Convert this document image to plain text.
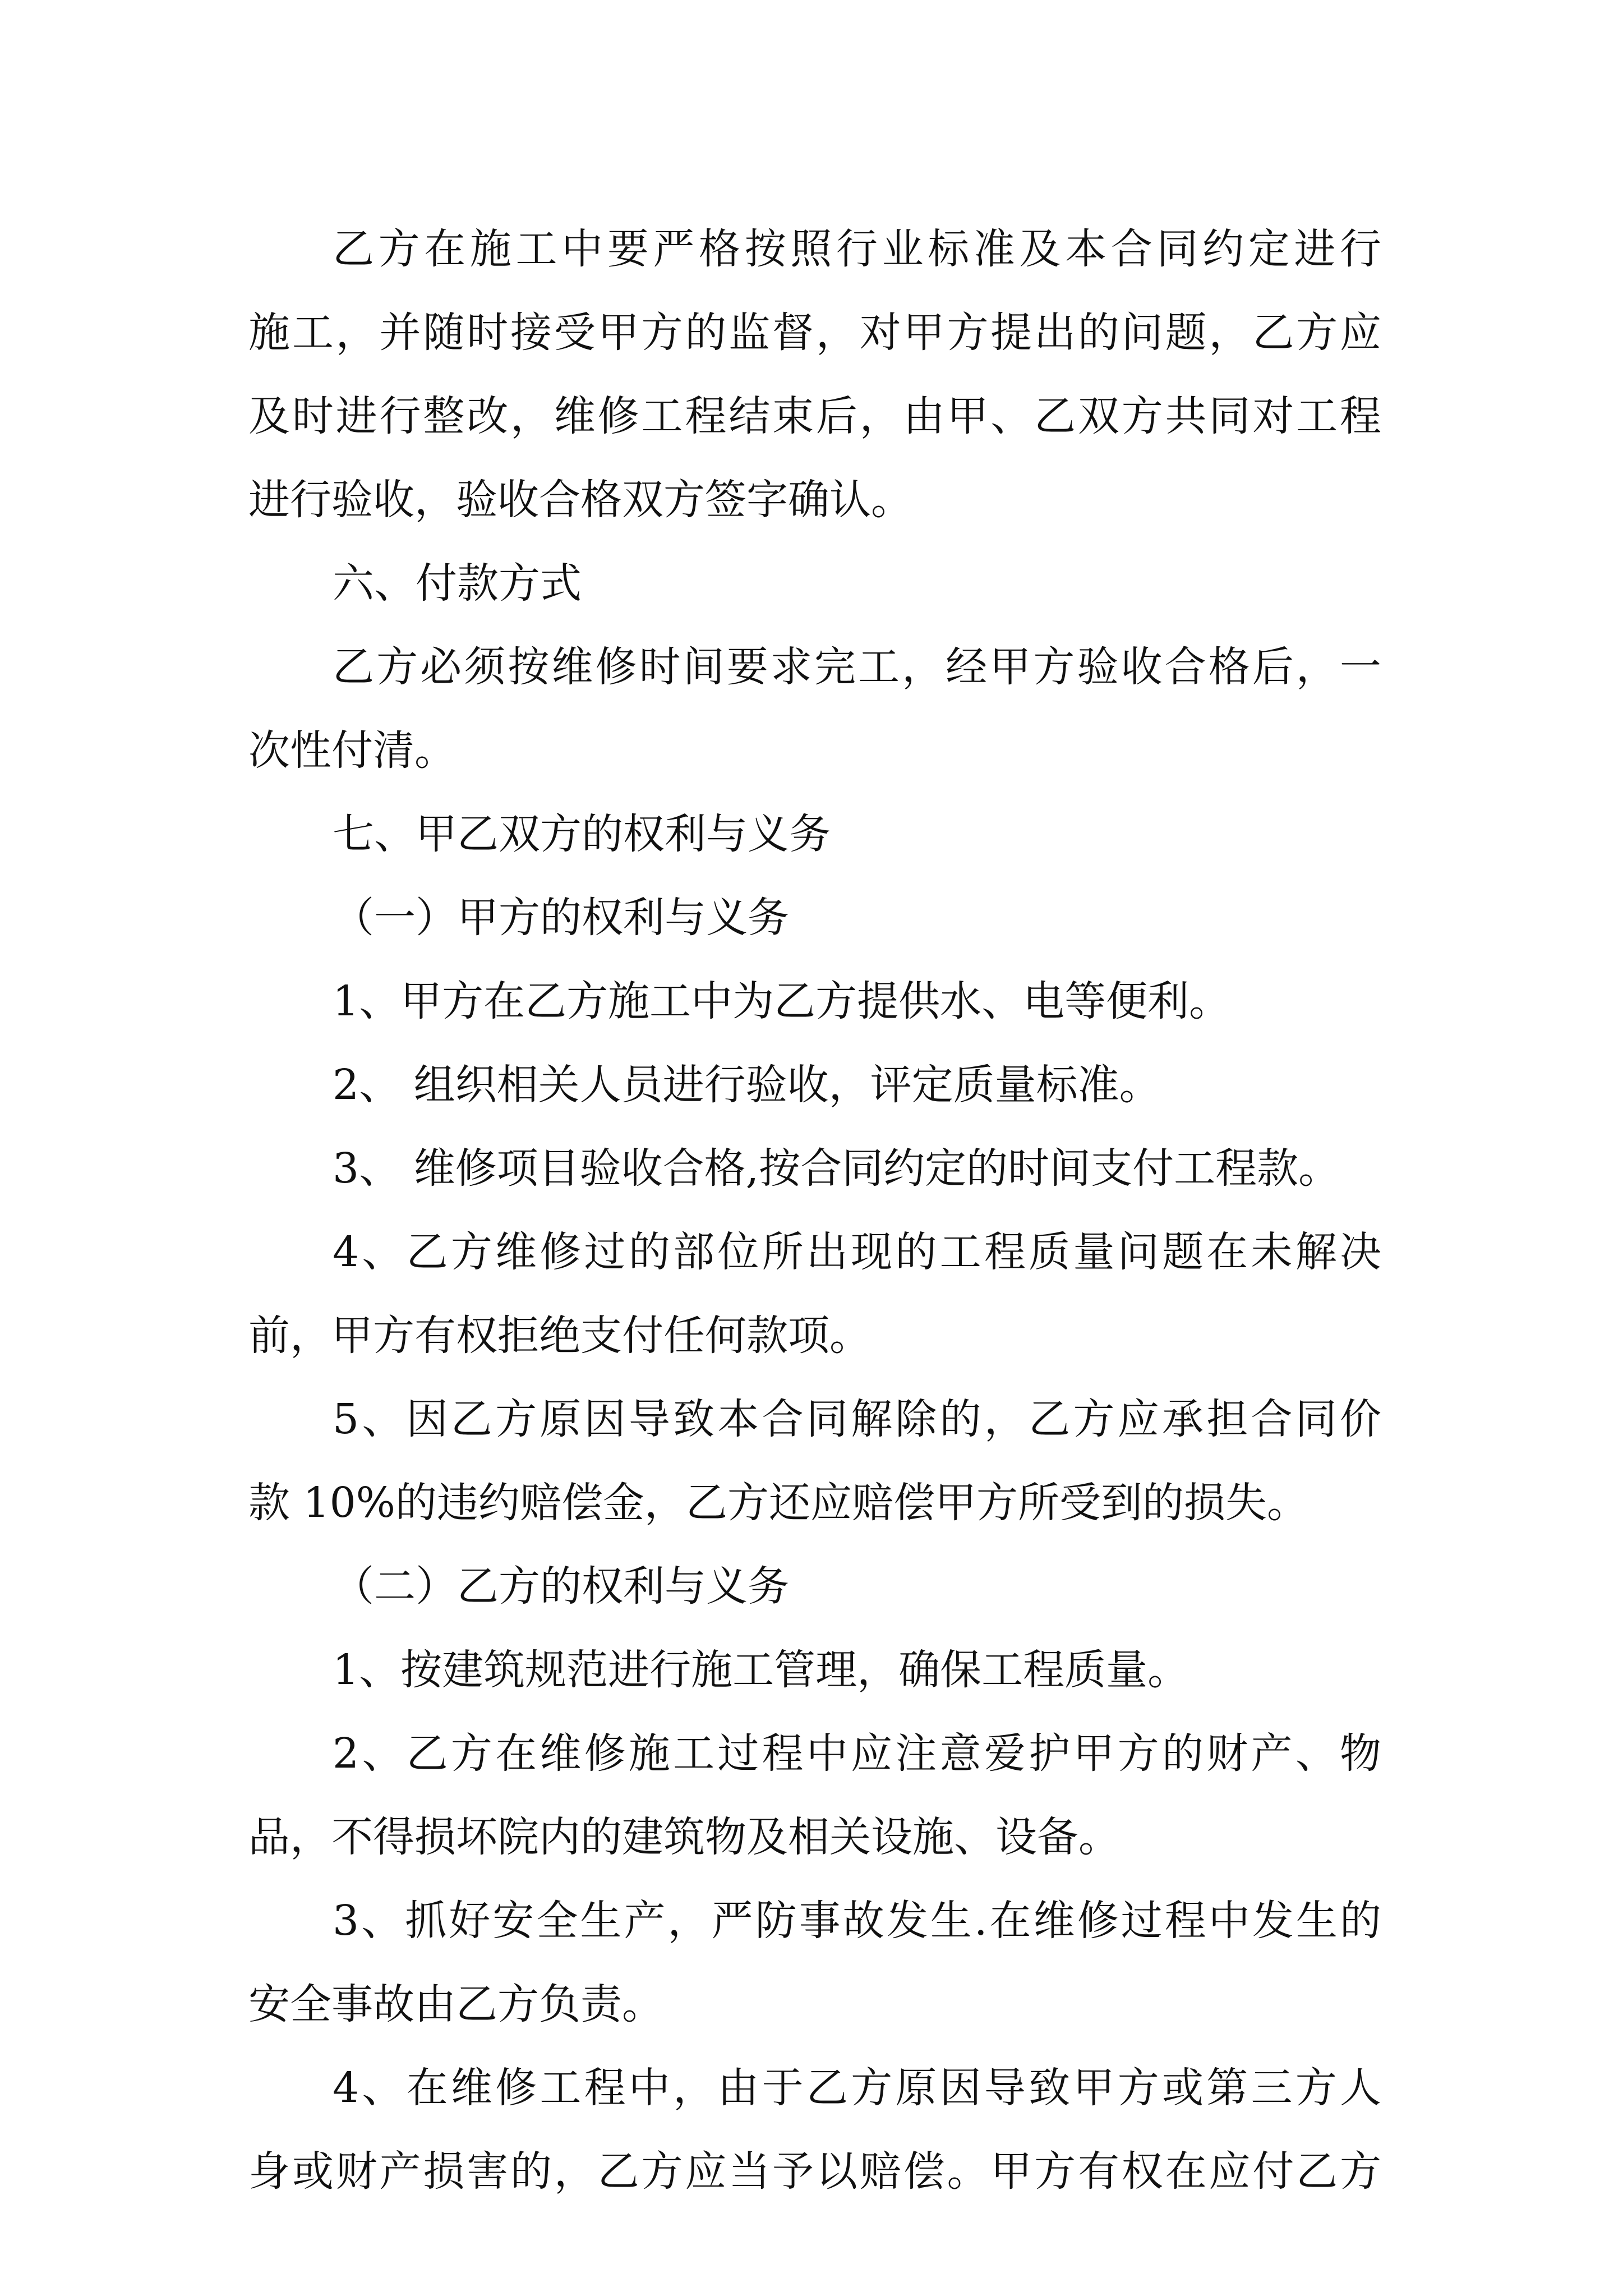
乙方在施工中要严格按照行业标准及本合同约定进行
施工，并随时接受甲方的监督，对甲方提出的问题，乙方应
及时进行整改，维修工程结束后，由甲、乙双方共同对工程
进行验收，验收合格双方签字确认。
六、付款方式
乙方必须按维修时间要求完工，经甲方验收合格后，一
次性付清。
七、甲乙双方的权利与义务
（一）甲方的权利与义务
1、甲方在乙方施工中为乙方提供水、电等便利。
2、 组织相关人员进行验收，评定质量标准。
3、 维修项目验收合格,按合同约定的时间支付工程款。
4、乙方维修过的部位所出现的工程质量问题在未解决
前，甲方有权拒绝支付任何款项。
5、因乙方原因导致本合同解除的，乙方应承担合同价
款 10%的违约赔偿金，乙方还应赔偿甲方所受到的损失。
（二）乙方的权利与义务
1、按建筑规范进行施工管理，确保工程质量。
2、乙方在维修施工过程中应注意爱护甲方的财产、物
品，不得损坏院内的建筑物及相关设施、设备。
3、抓好安全生产，严防事故发生.在维修过程中发生的
安全事故由乙方负责。
4、在维修工程中，由于乙方原因导致甲方或第三方人
身或财产损害的，乙方应当予以赔偿。甲方有权在应付乙方
